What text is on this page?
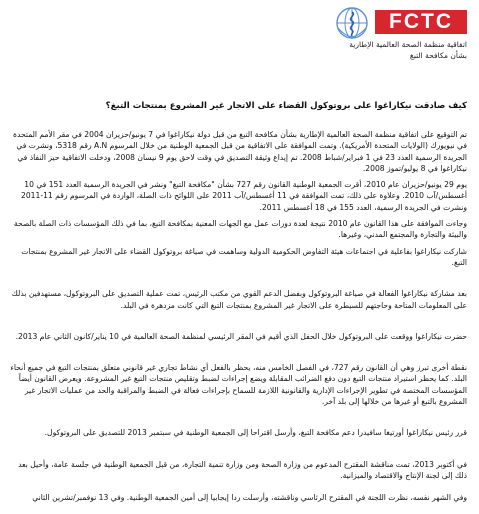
FCTC
اتفاقية منظمة الصحة العالمية الإطارية
بشأن مكافحة التبغ
كيف صادقت نيكاراغوا على بروتوكول القضاء على الاتجار غير المشروع بمنتجات التبغ؟

تم التوقيع على اتفاقية منظمة الصحة العالمية الإطارية بشأن مكافحة التبغ من قبل دولة نيكاراغوا في 7 يونيو/حزيران 2004 في مقر الأمم المتحدة في نيويورك (الولايات المتحدة الأمريكية). وتمت الموافقة على الاتفاقية من قبل الجمعية الوطنية من خلال المرسوم A.N رقم 5318، ونشرت في الجريدة الرسمية العدد 23 في 1 فبراير/شباط 2008. تم إيداع وثيقة التصديق في وقت لاحق يوم 9 نيسان 2008، ودخلت الاتفاقية حيز النفاذ في نيكاراغوا في 8 يوليو/تموز 2008.

يوم 29 يونيو/حزيران عام 2010، أقرت الجمعية الوطنية القانون رقم 727 بشأن "مكافحة التبغ" ونشر في الجريدة الرسمية العدد 151 في 10 أغسطس/آب 2010. وعلاوة على ذلك، تمت الموافقة في 11 أغسطس/آب 2011 على اللوائح ذات الصلة، الواردة في المرسوم رقم 11-2011 ونشرت في الجريدة الرسمية، العدد 155 في 18 أغسطس 2011.

وجاءت الموافقة على هذا القانون عام 2010 نتيجة لعدة دورات عمل مع الجهات المعنية بمكافحة التبغ، بما في ذلك المؤسسات ذات الصلة بالصحة والبيئة والتجارة والمجتمع المدني، وغيرها.

شاركت نيكاراغوا بفاعلية في اجتماعات هيئة التفاوض الحكومية الدولية وساهمت في صياغة بروتوكول القضاء على الاتجار غير المشروع بمنتجات التبغ.

بعد مشاركة نيكاراغوا الفعالة في صياغة البروتوكول وبفضل الدعم القوي من مكتب الرئيس، تمت عملية التصديق على البروتوكول، مستهدفين بذلك على المعلومات المتاحة وحاجتهم للسيطرة على الاتجار غير المشروع بمنتجات التبغ التي كانت مزدهرة في البلد.

حضرت نيكاراغوا ووقعت على البروتوكول خلال الحفل الذي أقيم في المقر الرئيسي لمنظمة الصحة العالمية في 10 يناير/كانون الثاني عام 2013.

نقطة أخرى تبرز وهي أن القانون رقم 727، في الفصل الخامس منه، يحظر بالفعل أي نشاط تجاري غير قانوني متعلق بمنتجات التبغ في جميع أنحاء البلد. كما يحظر استيراد منتجات التبغ دون دفع الضرائب المقابلة ويضع إجراءات لضبط وتقليص منتجات التبغ غير المشروعة. ويعرض القانون أيضاً المؤسسات المختصة في تطوير الإجراءات الإدارية والقانونية اللازمة للسماح بإجراءات فعالة في الضبط والمراقبة والحد من عمليات الاتجار غير المشروع بالتبغ أو غيرها من خلالها إلى بلد آخر.

قرر رئيس نيكاراغوا أورتيغا سافيدرا دعم مكافحة التبغ، وأرسل اقتراحا إلى الجمعية الوطنية في سبتمبر 2013 للتصديق على البروتوكول.

في أكتوبر 2013، تمت مناقشة المقترح المدعوم من وزارة الصحة ومن وزارة تنمية التجارة، من قبل الجمعية الوطنية في جلسة عامة، وأحيل بعد ذلك إلى لجنة الإنتاج والاقتصاد والميزانية.

وفي الشهر نفسه، نظرت اللجنة في المقترح الرئاسي وناقشته، وأرسلت ردا إيجابيا إلى أمين الجمعية الوطنية. وفي 13 نوفمبر/تشرين الثاني
